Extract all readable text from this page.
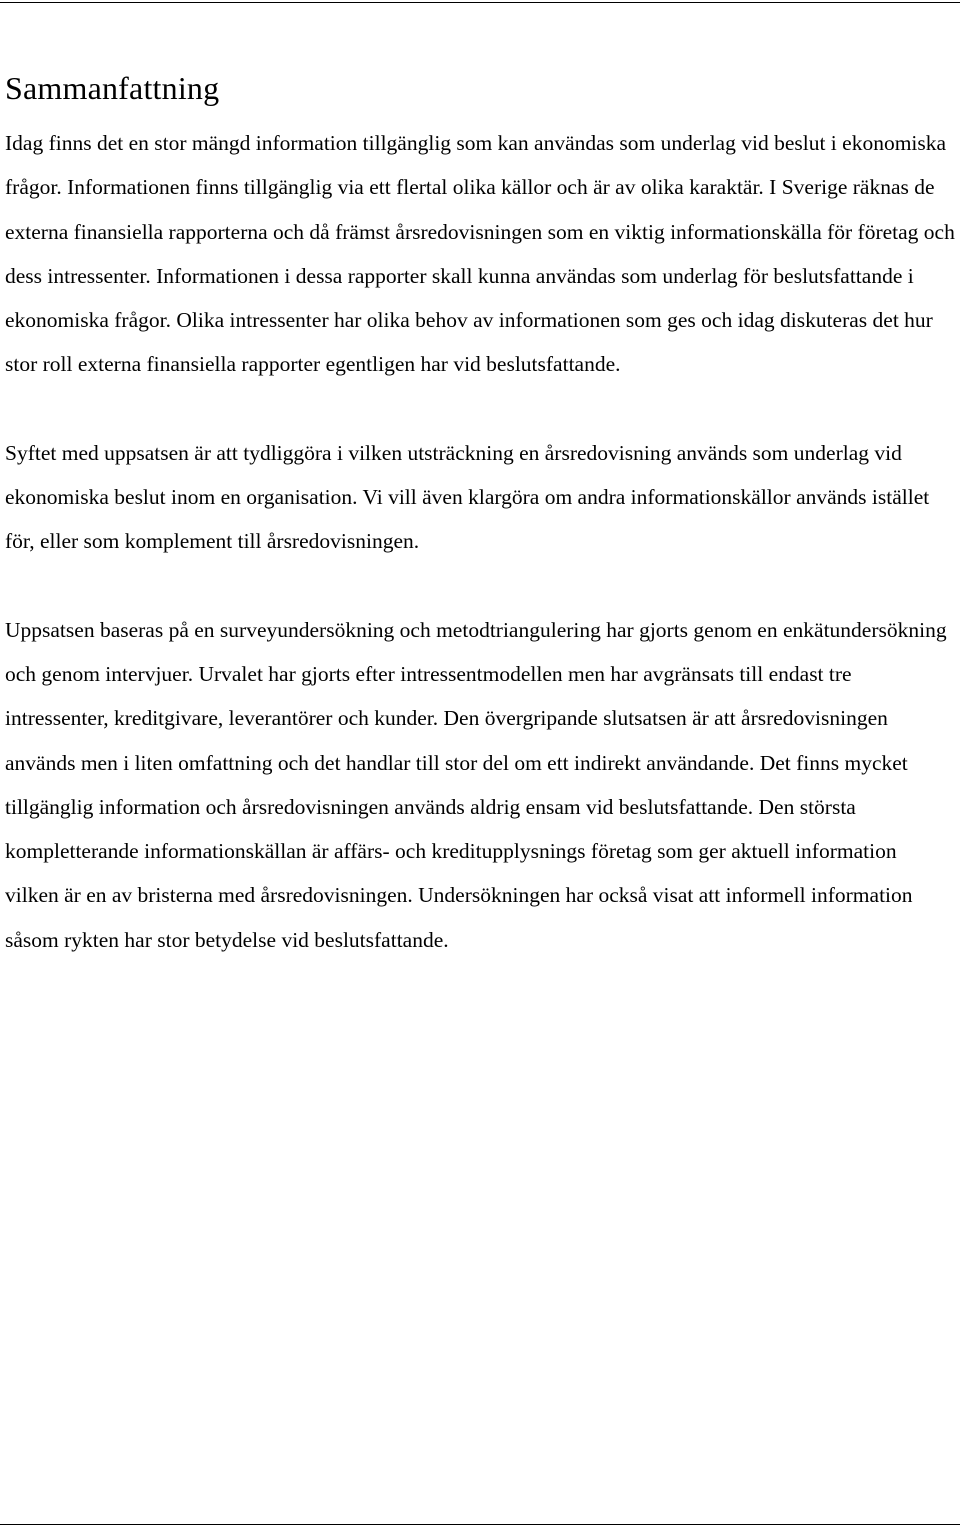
Sammanfattning

Idag finns det en stor mängd information tillgänglig som kan användas som underlag vid beslut i ekonomiska frågor. Informationen finns tillgänglig via ett flertal olika källor och är av olika karaktär. I Sverige räknas de externa finansiella rapporterna och då främst årsredovisningen som en viktig informationskälla för företag och dess intressenter. Informationen i dessa rapporter skall kunna användas som underlag för beslutsfattande i ekonomiska frågor. Olika intressenter har olika behov av informationen som ges och idag diskuteras det hur stor roll externa finansiella rapporter egentligen har vid beslutsfattande.

Syftet med uppsatsen är att tydliggöra i vilken utsträckning en årsredovisning används som underlag vid ekonomiska beslut inom en organisation. Vi vill även klargöra om andra informationskällor används istället för, eller som komplement till årsredovisningen.

Uppsatsen baseras på en surveyundersökning och metodtriangulering har gjorts genom en enkätundersökning och genom intervjuer. Urvalet har gjorts efter intressentmodellen men har avgränsats till endast tre intressenter, kreditgivare, leverantörer och kunder. Den övergripande slutsatsen är att årsredovisningen används men i liten omfattning och det handlar till stor del om ett indirekt användande. Det finns mycket tillgänglig information och årsredovisningen används aldrig ensam vid beslutsfattande. Den största kompletterande informationskällan är affärs- och kreditupplysnings företag som ger aktuell information vilken är en av bristerna med årsredovisningen. Undersökningen har också visat att informell information såsom rykten har stor betydelse vid beslutsfattande.
